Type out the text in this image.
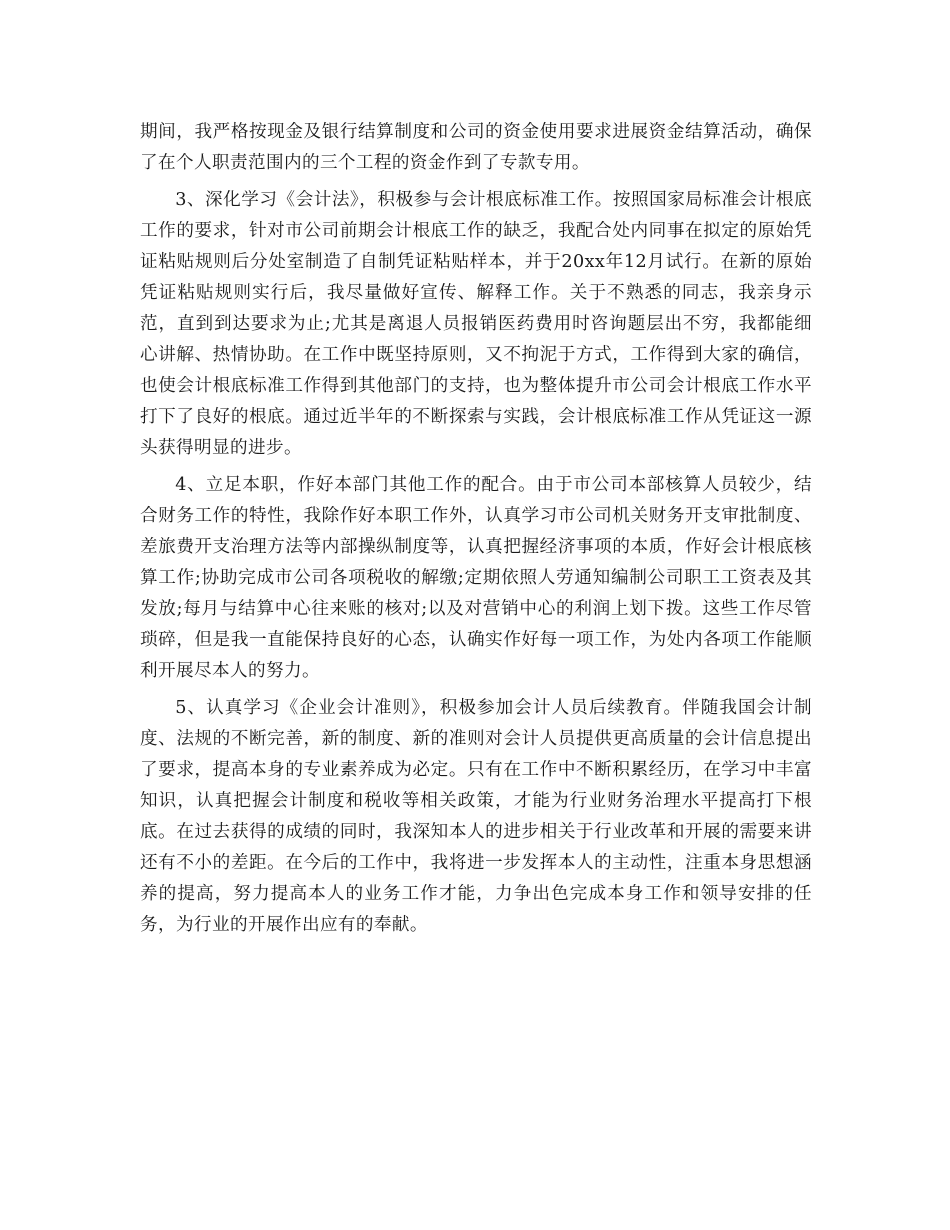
期间，我严格按现金及银行结算制度和公司的资金使用要求进展资金结算活动，确保了在个人职责范围内的三个工程的资金作到了专款专用。

3、深化学习《会计法》，积极参与会计根底标准工作。按照国家局标准会计根底工作的要求，针对市公司前期会计根底工作的缺乏，我配合处内同事在拟定的原始凭证粘贴规则后分处室制造了自制凭证粘贴样本，并于20xx年12月试行。在新的原始凭证粘贴规则实行后，我尽量做好宣传、解释工作。关于不熟悉的同志，我亲身示范，直到到达要求为止;尤其是离退人员报销医药费用时咨询题层出不穷，我都能细心讲解、热情协助。在工作中既坚持原则，又不拘泥于方式，工作得到大家的确信，也使会计根底标准工作得到其他部门的支持，也为整体提升市公司会计根底工作水平打下了良好的根底。通过近半年的不断探索与实践，会计根底标准工作从凭证这一源头获得明显的进步。

4、立足本职，作好本部门其他工作的配合。由于市公司本部核算人员较少，结合财务工作的特性，我除作好本职工作外，认真学习市公司机关财务开支审批制度、差旅费开支治理方法等内部操纵制度等，认真把握经济事项的本质，作好会计根底核算工作;协助完成市公司各项税收的解缴;定期依照人劳通知编制公司职工工资表及其发放;每月与结算中心往来账的核对;以及对营销中心的利润上划下拨。这些工作尽管琐碎，但是我一直能保持良好的心态，认确实作好每一项工作，为处内各项工作能顺利开展尽本人的努力。

5、认真学习《企业会计准则》，积极参加会计人员后续教育。伴随我国会计制度、法规的不断完善，新的制度、新的准则对会计人员提供更高质量的会计信息提出了要求，提高本身的专业素养成为必定。只有在工作中不断积累经历，在学习中丰富知识，认真把握会计制度和税收等相关政策，才能为行业财务治理水平提高打下根底。在过去获得的成绩的同时，我深知本人的进步相关于行业改革和开展的需要来讲还有不小的差距。在今后的工作中，我将进一步发挥本人的主动性，注重本身思想涵养的提高，努力提高本人的业务工作才能，力争出色完成本身工作和领导安排的任务，为行业的开展作出应有的奉献。
